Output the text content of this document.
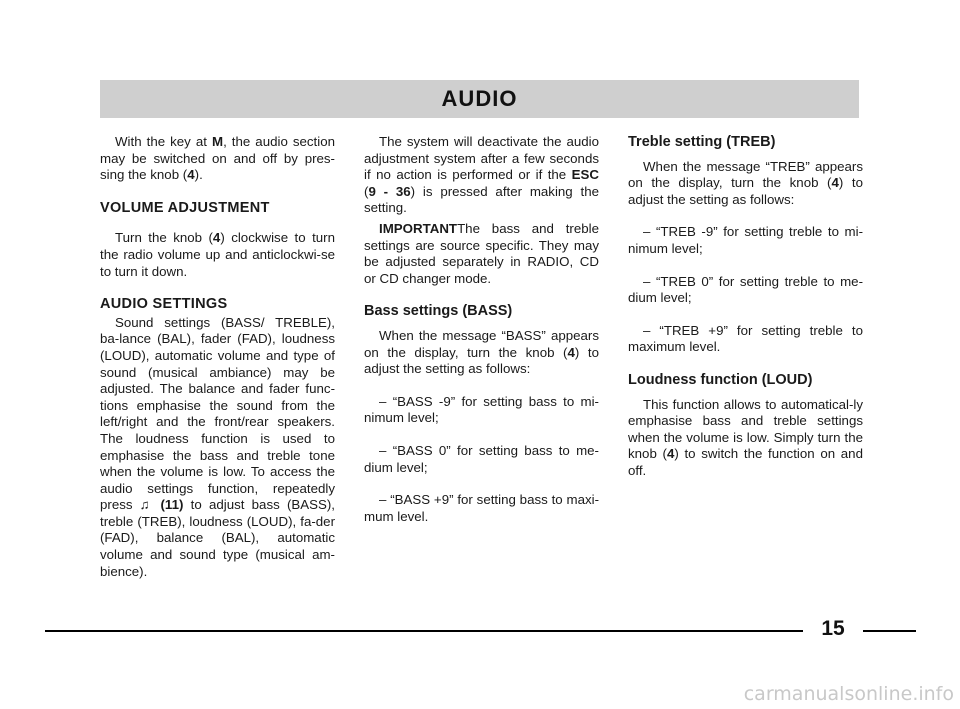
AUDIO

With the key at M, the audio section may be switched on and off by pres-sing the knob (4).

VOLUME ADJUSTMENT

Turn the knob (4) clockwise to turn the radio volume up and anticlockwi-se to turn it down.

AUDIO SETTINGS

Sound settings (BASS/ TREBLE), ba-lance (BAL), fader (FAD), loudness (LOUD), automatic volume and type of sound (musical ambiance) may be adjusted. The balance and fader func-tions emphasise the sound from the left/right and the front/rear speakers. The loudness function is used to emphasise the bass and treble tone when the volume is low. To access the audio settings function, repeatedly press ♫ (11) to adjust bass (BASS), treble (TREB), loudness (LOUD), fa-der (FAD), balance (BAL), automatic volume and sound type (musical am-bience).

The system will deactivate the audio adjustment system after a few seconds if no action is performed or if the ESC (9 - 36) is pressed after making the setting.

IMPORTANTThe bass and treble settings are source specific. They may be adjusted separately in RADIO, CD or CD changer mode.

Bass settings (BASS)

When the message “BASS” appears on the display, turn the knob (4) to adjust the setting as follows:

– “BASS -9” for setting bass to mi-nimum level;
– “BASS 0” for setting bass to me-dium level;
– “BASS +9” for setting bass to maxi-mum level.
Treble setting (TREB)

When the message “TREB” appears on the display, turn the knob (4) to adjust the setting as follows:

– “TREB -9” for setting treble to mi-nimum level;
– “TREB 0” for setting treble to me-dium level;
– “TREB +9” for setting treble to maximum level.
Loudness function (LOUD)

This function allows to automatical-ly emphasise bass and treble settings when the volume is low. Simply turn the knob (4) to switch the function on and off.

15
carmanualsonline.info
